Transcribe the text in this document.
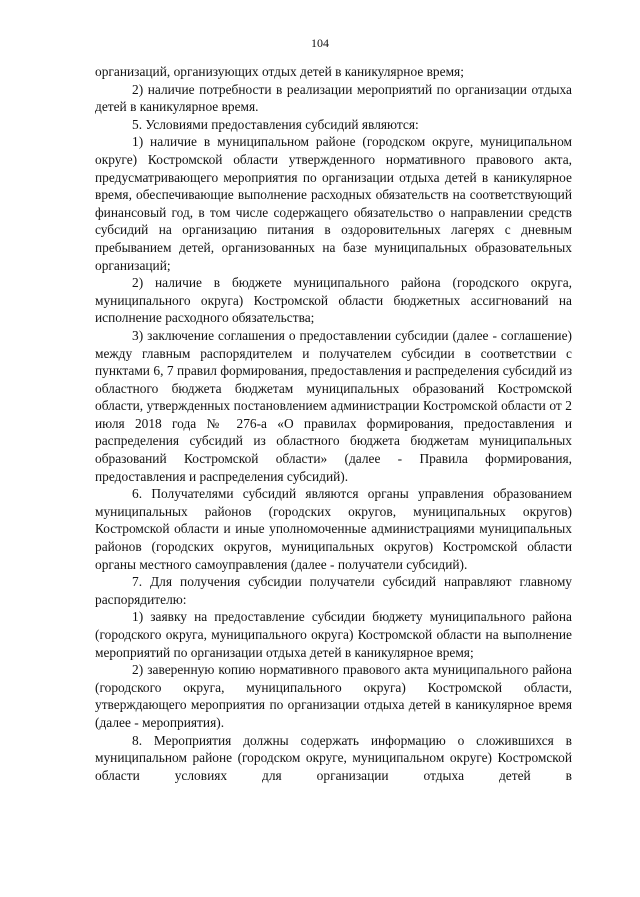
104

организаций, организующих отдых детей в каникулярное время;

2) наличие потребности в реализации мероприятий по организации отдыха детей в каникулярное время.

5. Условиями предоставления субсидий являются:

1) наличие в муниципальном районе (городском округе, муниципальном округе) Костромской области утвержденного нормативного правового акта, предусматривающего мероприятия по организации отдыха детей в каникулярное время, обеспечивающие выполнение расходных обязательств на соответствующий финансовый год, в том числе содержащего обязательство о направлении средств субсидий на организацию питания в оздоровительных лагерях с дневным пребыванием детей, организованных на базе муниципальных образовательных организаций;

2) наличие в бюджете муниципального района (городского округа, муниципального округа) Костромской области бюджетных ассигнований на исполнение расходного обязательства;

3) заключение соглашения о предоставлении субсидии (далее - соглашение) между главным распорядителем и получателем субсидии в соответствии с пунктами 6, 7 правил формирования, предоставления и распределения субсидий из областного бюджета бюджетам муниципальных образований Костромской области, утвержденных постановлением администрации Костромской области от 2 июля 2018 года № 276-а «О правилах формирования, предоставления и распределения субсидий из областного бюджета бюджетам муниципальных образований Костромской области» (далее - Правила формирования, предоставления и распределения субсидий).

6. Получателями субсидий являются органы управления образованием муниципальных районов (городских округов, муниципальных округов) Костромской области и иные уполномоченные администрациями муниципальных районов (городских округов, муниципальных округов) Костромской области органы местного самоуправления (далее - получатели субсидий).

7. Для получения субсидии получатели субсидий направляют главному распорядителю:

1) заявку на предоставление субсидии бюджету муниципального района (городского округа, муниципального округа) Костромской области на выполнение мероприятий по организации отдыха детей в каникулярное время;

2) заверенную копию нормативного правового акта муниципального района (городского округа, муниципального округа) Костромской области, утверждающего мероприятия по организации отдыха детей в каникулярное время (далее - мероприятия).

8. Мероприятия должны содержать информацию о сложившихся в муниципальном районе (городском округе, муниципальном округе) Костромской области условиях для организации отдыха детей в
